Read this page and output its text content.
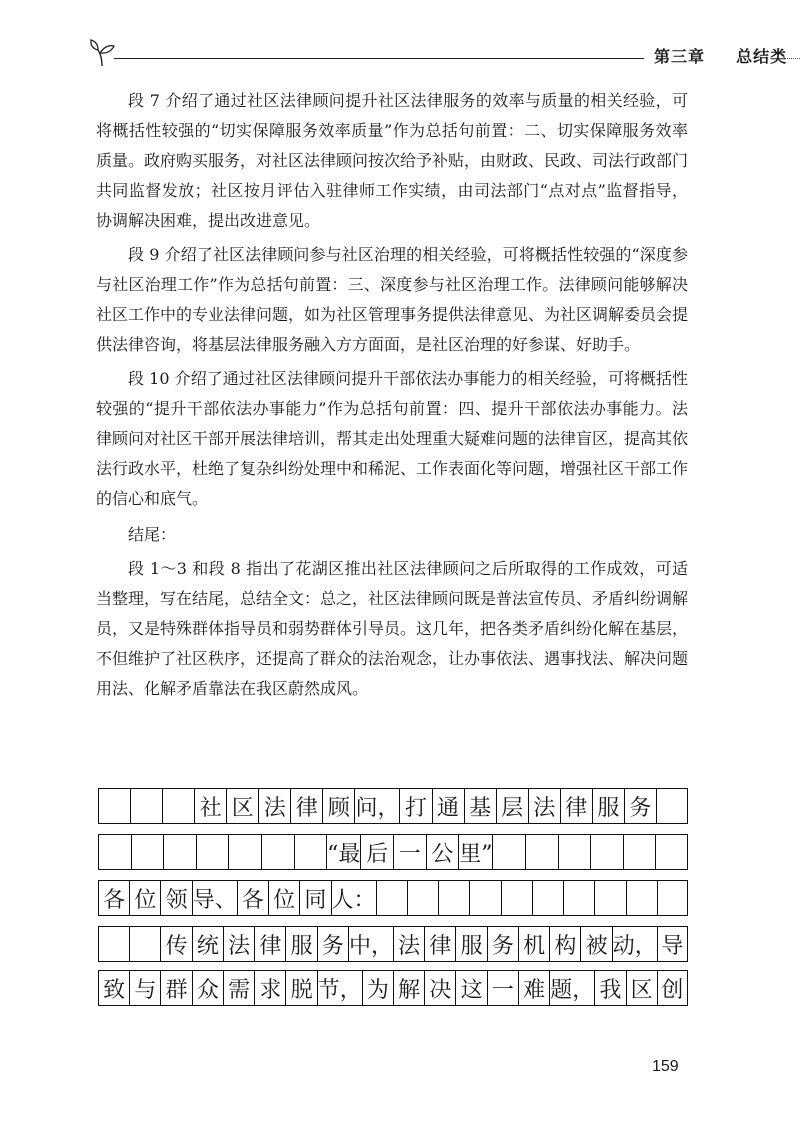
第三章 总结类

段 7 介绍了通过社区法律顾问提升社区法律服务的效率与质量的相关经验，可将概括性较强的“切实保障服务效率质量”作为总括句前置：二、切实保障服务效率质量。政府购买服务，对社区法律顾问按次给予补贴，由财政、民政、司法行政部门共同监督发放；社区按月评估入驻律师工作实绩，由司法部门“点对点”监督指导，协调解决困难，提出改进意见。

段 9 介绍了社区法律顾问参与社区治理的相关经验，可将概括性较强的“深度参与社区治理工作”作为总括句前置：三、深度参与社区治理工作。法律顾问能够解决社区工作中的专业法律问题，如为社区管理事务提供法律意见、为社区调解委员会提供法律咨询，将基层法律服务融入方方面面，是社区治理的好参谋、好助手。

段 10 介绍了通过社区法律顾问提升干部依法办事能力的相关经验，可将概括性较强的“提升干部依法办事能力”作为总括句前置：四、提升干部依法办事能力。法律顾问对社区干部开展法律培训，帮其走出处理重大疑难问题的法律盲区，提高其依法行政水平，杜绝了复杂纠纷处理中和稀泥、工作表面化等问题，增强社区干部工作的信心和底气。

结尾：

段 1～3 和段 8 指出了花湖区推出社区法律顾问之后所取得的工作成效，可适当整理，写在结尾，总结全文：总之，社区法律顾问既是普法宣传员、矛盾纠纷调解员，又是特殊群体指导员和弱势群体引导员。这几年，把各类矛盾纠纷化解在基层，不但维护了社区秩序，还提高了群众的法治观念，让办事依法、遇事找法、解决问题用法、化解矛盾靠法在我区蔚然成风。

社 区 法 律 顾 问， 打 通 基 层 法 律 服 务
“最 后 一 公 里”
各 位 领 导、 各 位 同 人：
传 统 法 律 服 务 中， 法 律 服 务 机 构 被 动， 导
致 与 群 众 需 求 脱 节， 为 解 决 这 一 难 题， 我 区 创
159
